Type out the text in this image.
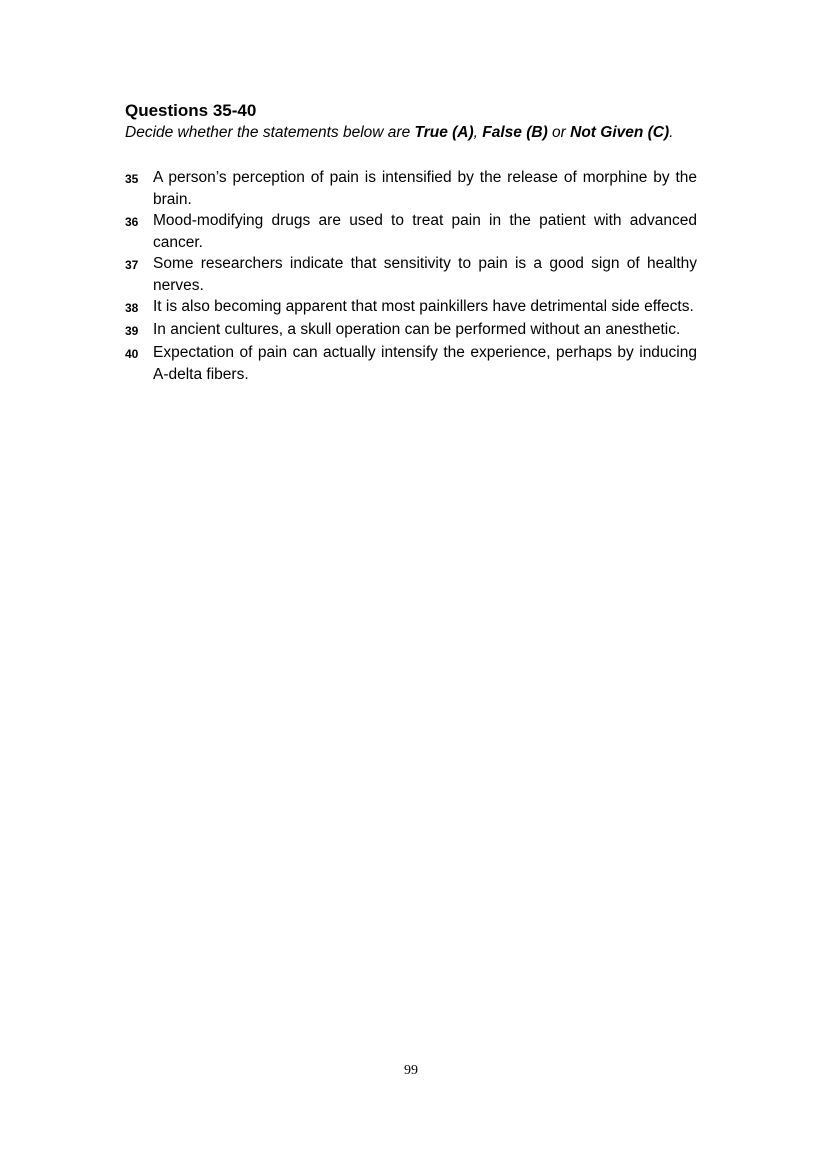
Questions 35-40

Decide whether the statements below are True (A), False (B) or Not Given (C).

35 A person’s perception of pain is intensified by the release of morphine by the brain.
36 Mood-modifying drugs are used to treat pain in the patient with advanced cancer.
37 Some researchers indicate that sensitivity to pain is a good sign of healthy nerves.
38 It is also becoming apparent that most painkillers have detrimental side effects.
39 In ancient cultures, a skull operation can be performed without an anesthetic.
40 Expectation of pain can actually intensify the experience, perhaps by inducing A-delta fibers.
99
